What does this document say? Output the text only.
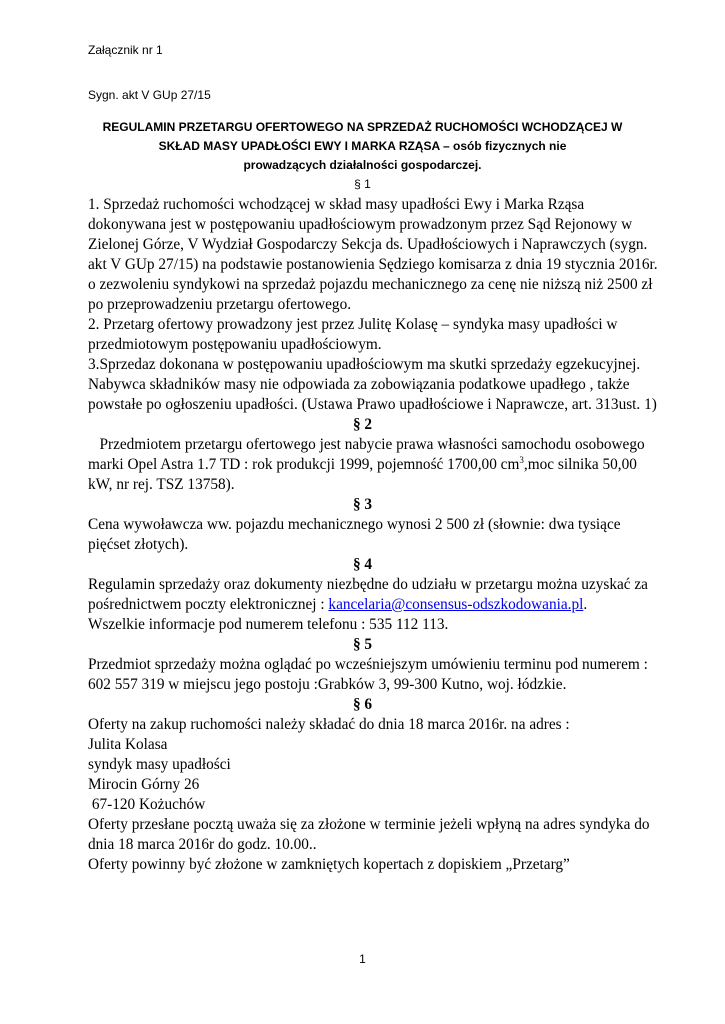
Załącznik nr 1
Sygn. akt V GUp 27/15
REGULAMIN PRZETARGU OFERTOWEGO NA SPRZEDAŻ RUCHOMOŚCI WCHODZĄCEJ W
SKŁAD MASY UPADŁOŚCI EWY I MARKA RZĄSA – osób fizycznych nie
prowadzących działalności gospodarczej.
§ 1
1. Sprzedaż ruchomości wchodzącej w skład masy upadłości Ewy i Marka Rząsa
dokonywana jest w postępowaniu upadłościowym prowadzonym przez Sąd Rejonowy w
Zielonej Górze, V Wydział Gospodarczy Sekcja ds. Upadłościowych i Naprawczych (sygn.
akt V GUp 27/15) na podstawie postanowienia Sędziego komisarza z dnia 19 stycznia 2016r.
o zezwoleniu syndykowi na sprzedaż pojazdu mechanicznego za cenę nie niższą niż 2500 zł
po przeprowadzeniu przetargu ofertowego.
2. Przetarg ofertowy prowadzony jest przez Julitę Kolasę – syndyka masy upadłości w
przedmiotowym postępowaniu upadłościowym.
3.Sprzedaz dokonana w postępowaniu upadłościowym ma skutki sprzedaży egzekucyjnej.
Nabywca składników masy nie odpowiada za zobowiązania podatkowe upadłego , także
powstałe po ogłoszeniu upadłości. (Ustawa Prawo upadłościowe i Naprawcze, art. 313ust. 1)
§ 2
Przedmiotem przetargu ofertowego jest nabycie prawa własności samochodu osobowego
marki Opel Astra 1.7 TD : rok produkcji 1999, pojemność 1700,00 $cm^3,moc$ silnika 50,00
kW, nr rej. TSZ 13758).
§ 3
Cena wywoławcza ww. pojazdu mechanicznego wynosi 2 500 zł (słownie: dwa tysiące
pięćset złotych).
§ 4
Regulamin sprzedaży oraz dokumenty niezbędne do udziału w przetargu można uzyskać za
pośrednictwem poczty elektronicznej : kancelaria@consensus-odszkodowania.pl.
Wszelkie informacje pod numerem telefonu : 535 112 113.
§ 5
Przedmiot sprzedaży można oglądać po wcześniejszym umówieniu terminu pod numerem :
602 557 319 w miejscu jego postoju :Grabków 3, 99-300 Kutno, woj. łódzkie.
§ 6
Oferty na zakup ruchomości należy składać do dnia 18 marca 2016r. na adres :
Julita Kolasa
syndyk masy upadłości
Mirocin Górny 26
67-120 Kożuchów
Oferty przesłane pocztą uważa się za złożone w terminie jeżeli wpłyną na adres syndyka do
dnia 18 marca 2016r do godz. 10.00..
Oferty powinny być złożone w zamkniętych kopertach z dopiskiem „Przetarg”
1
